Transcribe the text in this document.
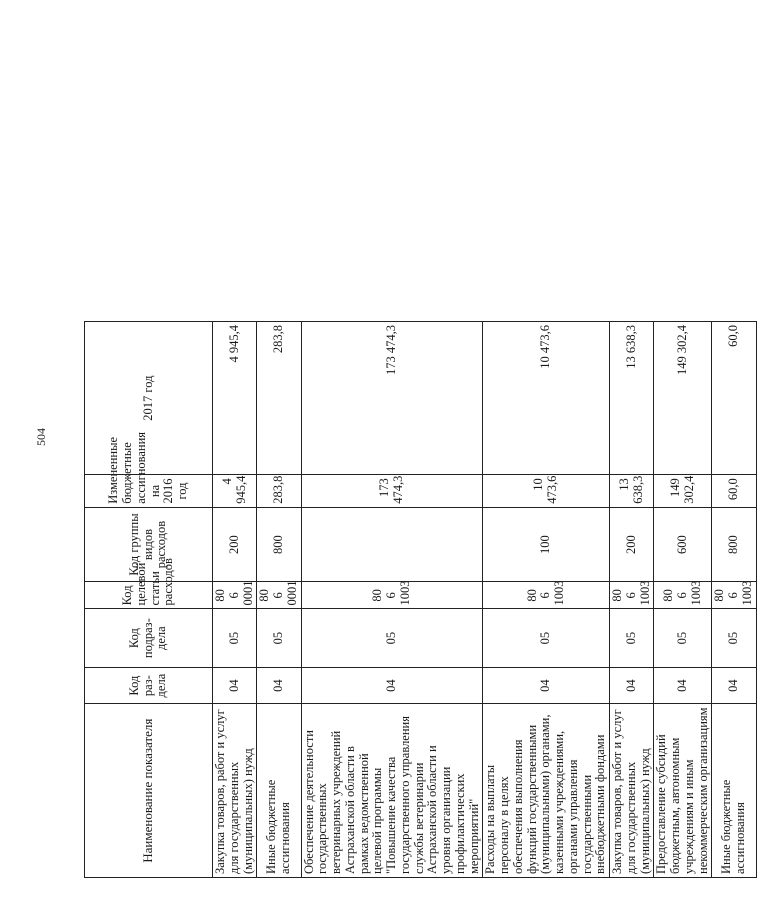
504
Наименование показателя	Код раз-дела	Код подраз-дела	Код целевой статьи расходов	Код группы видов расходов	Измененные бюджетные ассигнования на 2016 год	2017 год
Закупка товаров, работ и услуг для государственных (муниципальных) нужд	04	05	80 6 0001	200	4 945,4	4 945,4
Иные бюджетные ассигнования	04	05	80 6 0001	800	283,8	283,8
Обеспечение деятельности государственных ветеринарных учреждений Астраханской области в рамках ведомственной целевой программы "Повышение качества государственного управления службы ветеринарии Астраханской области и уровня организации профилактических мероприятий"	04	05	80 6 1003		173 474,3	173 474,3
Расходы на выплаты персоналу в целях обеспечения выполнения функций государственными (муниципальными) органами, казенными учреждениями, органами управления государственными внебюджетными фондами	04	05	80 6 1003	100	10 473,6	10 473,6
Закупка товаров, работ и услуг для государственных (муниципальных) нужд	04	05	80 6 1003	200	13 638,3	13 638,3
Предоставление субсидий бюджетным, автономным учреждениям и иным некоммерческим организациям	04	05	80 6 1003	600	149 302,4	149 302,4
Иные бюджетные ассигнования	04	05	80 6 1003	800	60,0	60,0
